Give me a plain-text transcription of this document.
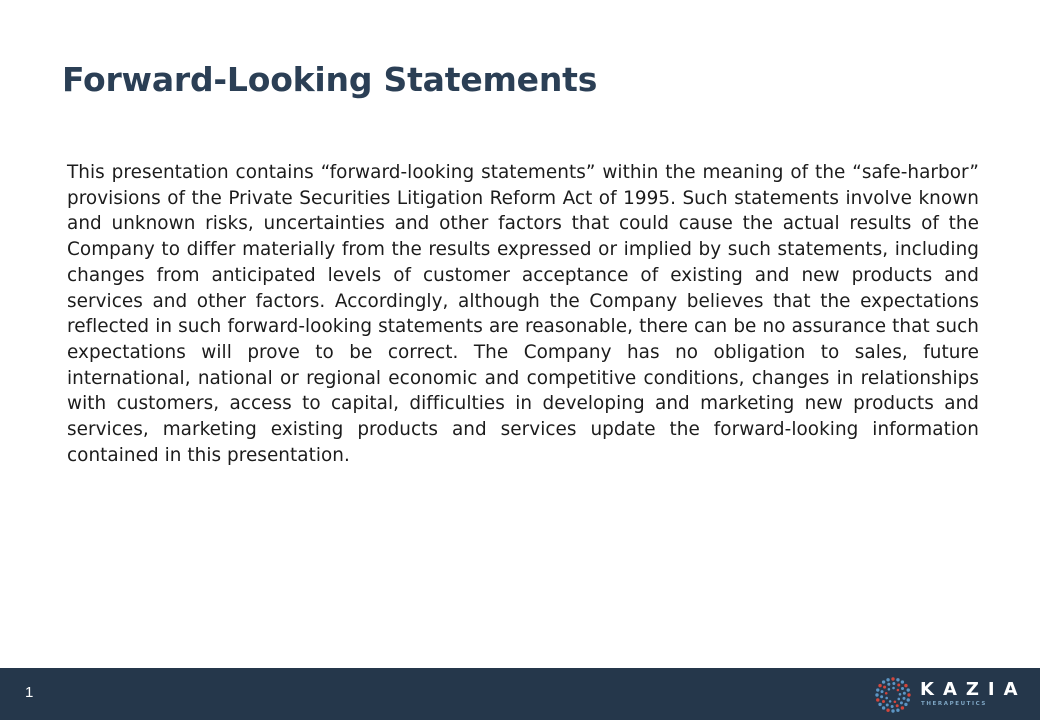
Forward-Looking Statements

This presentation contains “forward-looking statements” within the meaning of the “safe-harbor” provisions of the Private Securities Litigation Reform Act of 1995. Such statements involve known and unknown risks, uncertainties and other factors that could cause the actual results of the Company to differ materially from the results expressed or implied by such statements, including changes from anticipated levels of customer acceptance of existing and new products and services and other factors. Accordingly, although the Company believes that the expectations reflected in such forward-looking statements are reasonable, there can be no assurance that such expectations will prove to be correct. The Company has no obligation to sales, future international, national or regional economic and competitive conditions, changes in relationships with customers, access to capital, difficulties in developing and marketing new products and services, marketing existing products and services update the forward-looking information contained in this presentation.

1	KAZIA
THERAPEUTICS
